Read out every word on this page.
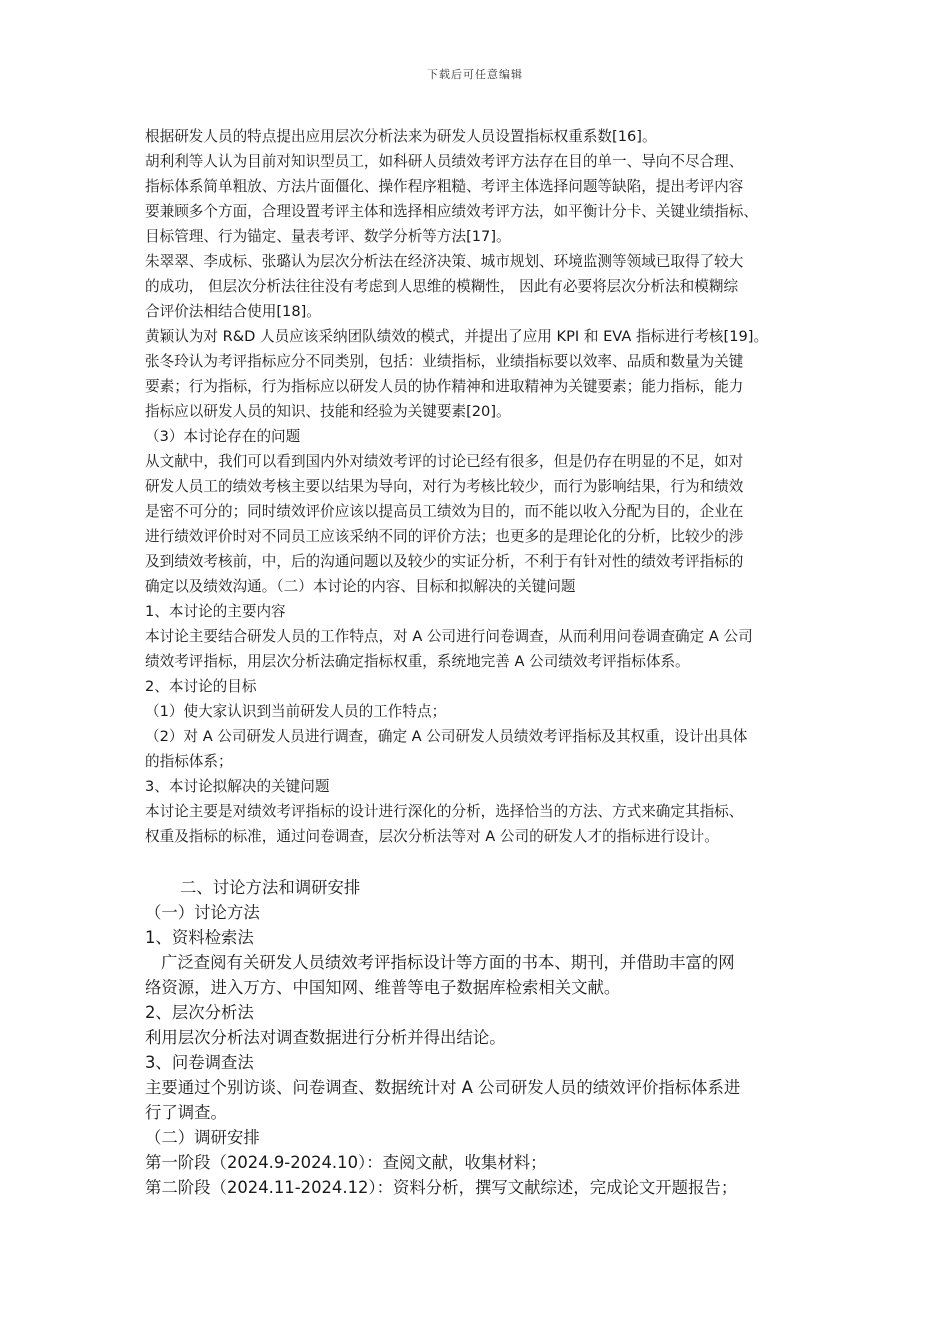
下载后可任意编辑

根据研发人员的特点提出应用层次分析法来为研发人员设置指标权重系数[16]。

胡利利等人认为目前对知识型员工，如科研人员绩效考评方法存在目的单一、导向不尽合理、

指标体系简单粗放、方法片面僵化、操作程序粗糙、考评主体选择问题等缺陷，提出考评内容

要兼顾多个方面，合理设置考评主体和选择相应绩效考评方法，如平衡计分卡、关键业绩指标、

目标管理、行为锚定、量表考评、数学分析等方法[17]。

朱翠翠、李成标、张璐认为层次分析法在经济决策、城市规划、环境监测等领域已取得了较大

的成功， 但层次分析法往往没有考虑到人思维的模糊性， 因此有必要将层次分析法和模糊综

合评价法相结合使用[18]。

黄颖认为对 R&D 人员应该采纳团队绩效的模式，并提出了应用 KPI 和 EVA 指标进行考核[19]。

张冬玲认为考评指标应分不同类别，包括：业绩指标，业绩指标要以效率、品质和数量为关键

要素；行为指标，行为指标应以研发人员的协作精神和进取精神为关键要素；能力指标，能力

指标应以研发人员的知识、技能和经验为关键要素[20]。

（3）本讨论存在的问题

从文献中，我们可以看到国内外对绩效考评的讨论已经有很多，但是仍存在明显的不足，如对

研发人员工的绩效考核主要以结果为导向，对行为考核比较少，而行为影响结果，行为和绩效

是密不可分的；同时绩效评价应该以提高员工绩效为目的，而不能以收入分配为目的，企业在

进行绩效评价时对不同员工应该采纳不同的评价方法；也更多的是理论化的分析，比较少的涉

及到绩效考核前，中，后的沟通问题以及较少的实证分析，不利于有针对性的绩效考评指标的

确定以及绩效沟通。（二）本讨论的内容、目标和拟解决的关键问题

1、本讨论的主要内容

本讨论主要结合研发人员的工作特点，对 A 公司进行问卷调查，从而利用问卷调查确定 A 公司

绩效考评指标，用层次分析法确定指标权重，系统地完善 A 公司绩效考评指标体系。

2、本讨论的目标

（1）使大家认识到当前研发人员的工作特点；

（2）对 A 公司研发人员进行调查，确定 A 公司研发人员绩效考评指标及其权重，设计出具体

的指标体系；

3、本讨论拟解决的关键问题

本讨论主要是对绩效考评指标的设计进行深化的分析，选择恰当的方法、方式来确定其指标、

权重及指标的标准，通过问卷调查，层次分析法等对 A 公司的研发人才的指标进行设计。

二、讨论方法和调研安排

（一）讨论方法

1、资料检索法

广泛查阅有关研发人员绩效考评指标设计等方面的书本、期刊，并借助丰富的网

络资源，进入万方、中国知网、维普等电子数据库检索相关文献。

2、层次分析法

利用层次分析法对调查数据进行分析并得出结论。

3、问卷调查法

主要通过个别访谈、问卷调查、数据统计对 A 公司研发人员的绩效评价指标体系进

行了调查。

（二）调研安排

第一阶段（2024.9-2024.10）：查阅文献，收集材料；

第二阶段（2024.11-2024.12）：资料分析，撰写文献综述，完成论文开题报告；
